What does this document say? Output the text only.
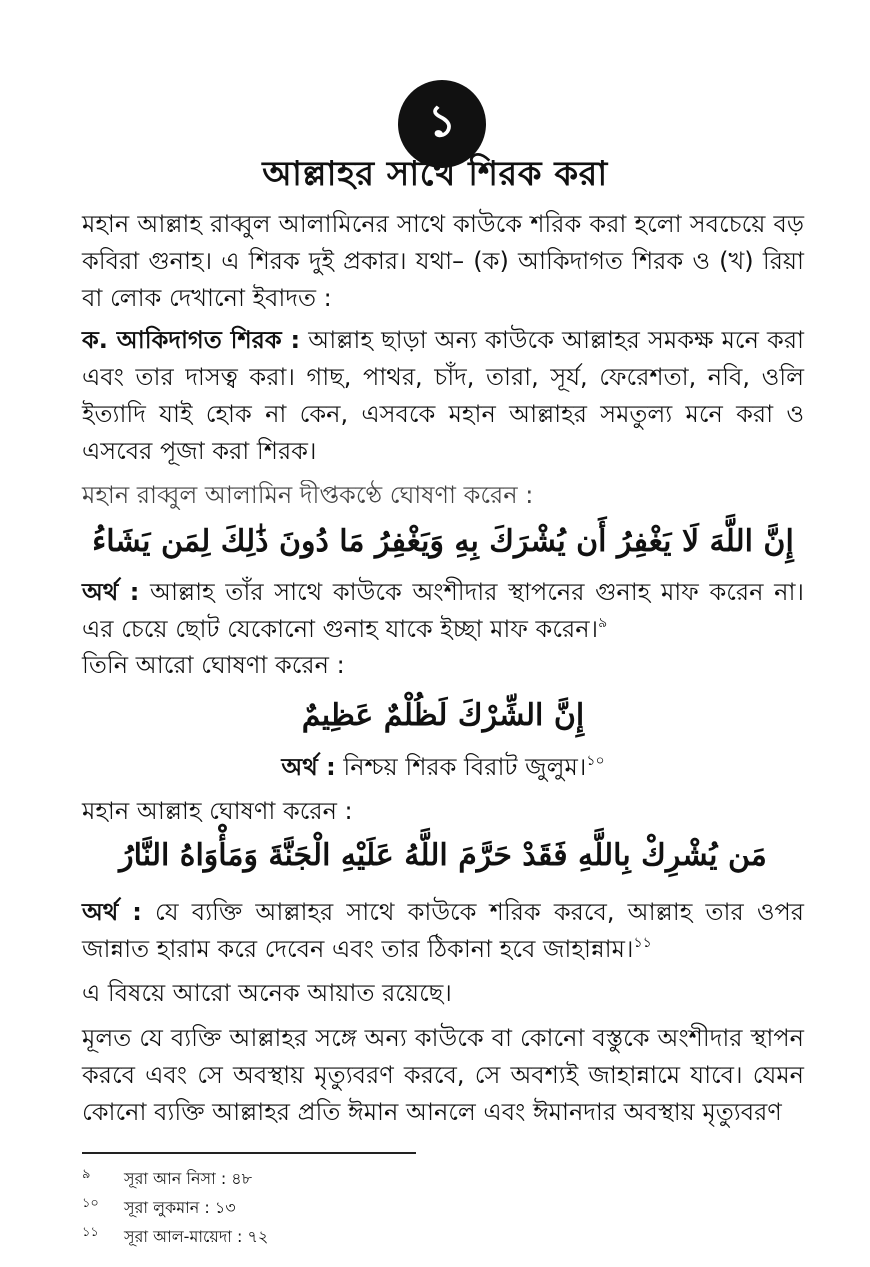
১
আল্লাহর সাথে শিরক করা
মহান আল্লাহ রাব্বুল আলামিনের সাথে কাউকে শরিক করা হলো সবচেয়ে বড় কবিরা গুনাহ। এ শিরক দুই প্রকার। যথা– (ক) আকিদাগত শিরক ও (খ) রিয়া বা লোক দেখানো ইবাদত :
ক. আকিদাগত শিরক : আল্লাহ ছাড়া অন্য কাউকে আল্লাহর সমকক্ষ মনে করা এবং তার দাসত্ব করা। গাছ, পাথর, চাঁদ, তারা, সূর্য, ফেরেশতা, নবি, ওলি ইত্যাদি যাই হোক না কেন, এসবকে মহান আল্লাহর সমতুল্য মনে করা ও এসবের পূজা করা শিরক।
মহান রাব্বুল আলামিন দীপ্তকণ্ঠে ঘোষণা করেন :
إِنَّ اللَّهَ لَا يَغْفِرُ أَن يُشْرَكَ بِهِ وَيَغْفِرُ مَا دُونَ ذَٰلِكَ لِمَن يَشَاءُ
অর্থ : আল্লাহ তাঁর সাথে কাউকে অংশীদার স্থাপনের গুনাহ মাফ করেন না। এর চেয়ে ছোট যেকোনো গুনাহ যাকে ইচ্ছা মাফ করেন।$^৯$
তিনি আরো ঘোষণা করেন :
إِنَّ الشِّرْكَ لَظُلْمٌ عَظِيمٌ
অর্থ : নিশ্চয় শিরক বিরাট জুলুম।$^{১০}$
মহান আল্লাহ ঘোষণা করেন :
مَن يُشْرِكْ بِاللَّهِ فَقَدْ حَرَّمَ اللَّهُ عَلَيْهِ الْجَنَّةَ وَمَأْوَاهُ النَّارُ
অর্থ : যে ব্যক্তি আল্লাহর সাথে কাউকে শরিক করবে, আল্লাহ তার ওপর জান্নাত হারাম করে দেবেন এবং তার ঠিকানা হবে জাহান্নাম।$^{১১}$
এ বিষয়ে আরো অনেক আয়াত রয়েছে।
মূলত যে ব্যক্তি আল্লাহর সঙ্গে অন্য কাউকে বা কোনো বস্তুকে অংশীদার স্থাপন করবে এবং সে অবস্থায় মৃত্যুবরণ করবে, সে অবশ্যই জাহান্নামে যাবে। যেমন কোনো ব্যক্তি আল্লাহর প্রতি ঈমান আনলে এবং ঈমানদার অবস্থায় মৃত্যুবরণ
৯ সূরা আন নিসা : ৪৮
১০ সূরা লুকমান : ১৩
১১ সূরা আল-মায়েদা : ৭২
